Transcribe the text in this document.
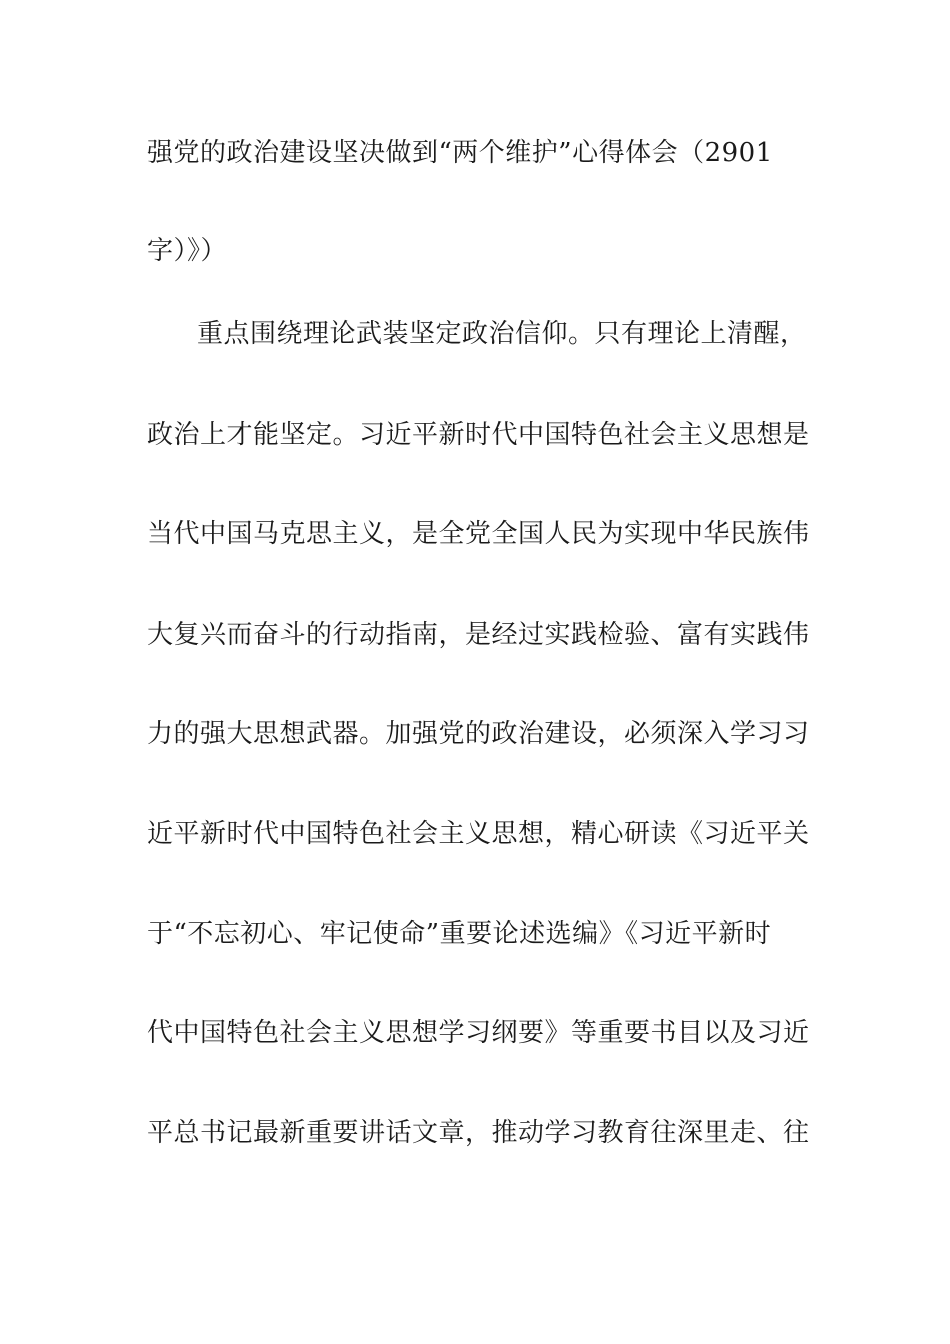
强党的政治建设坚决做到“两个维护”心得体会（2901
字）》）
重点围绕理论武装坚定政治信仰。只有理论上清醒，
政治上才能坚定。习近平新时代中国特色社会主义思想是
当代中国马克思主义，是全党全国人民为实现中华民族伟
大复兴而奋斗的行动指南，是经过实践检验、富有实践伟
力的强大思想武器。加强党的政治建设，必须深入学习习
近平新时代中国特色社会主义思想，精心研读《习近平关
于“不忘初心、牢记使命”重要论述选编》《习近平新时
代中国特色社会主义思想学习纲要》等重要书目以及习近
平总书记最新重要讲话文章，推动学习教育往深里走、往
